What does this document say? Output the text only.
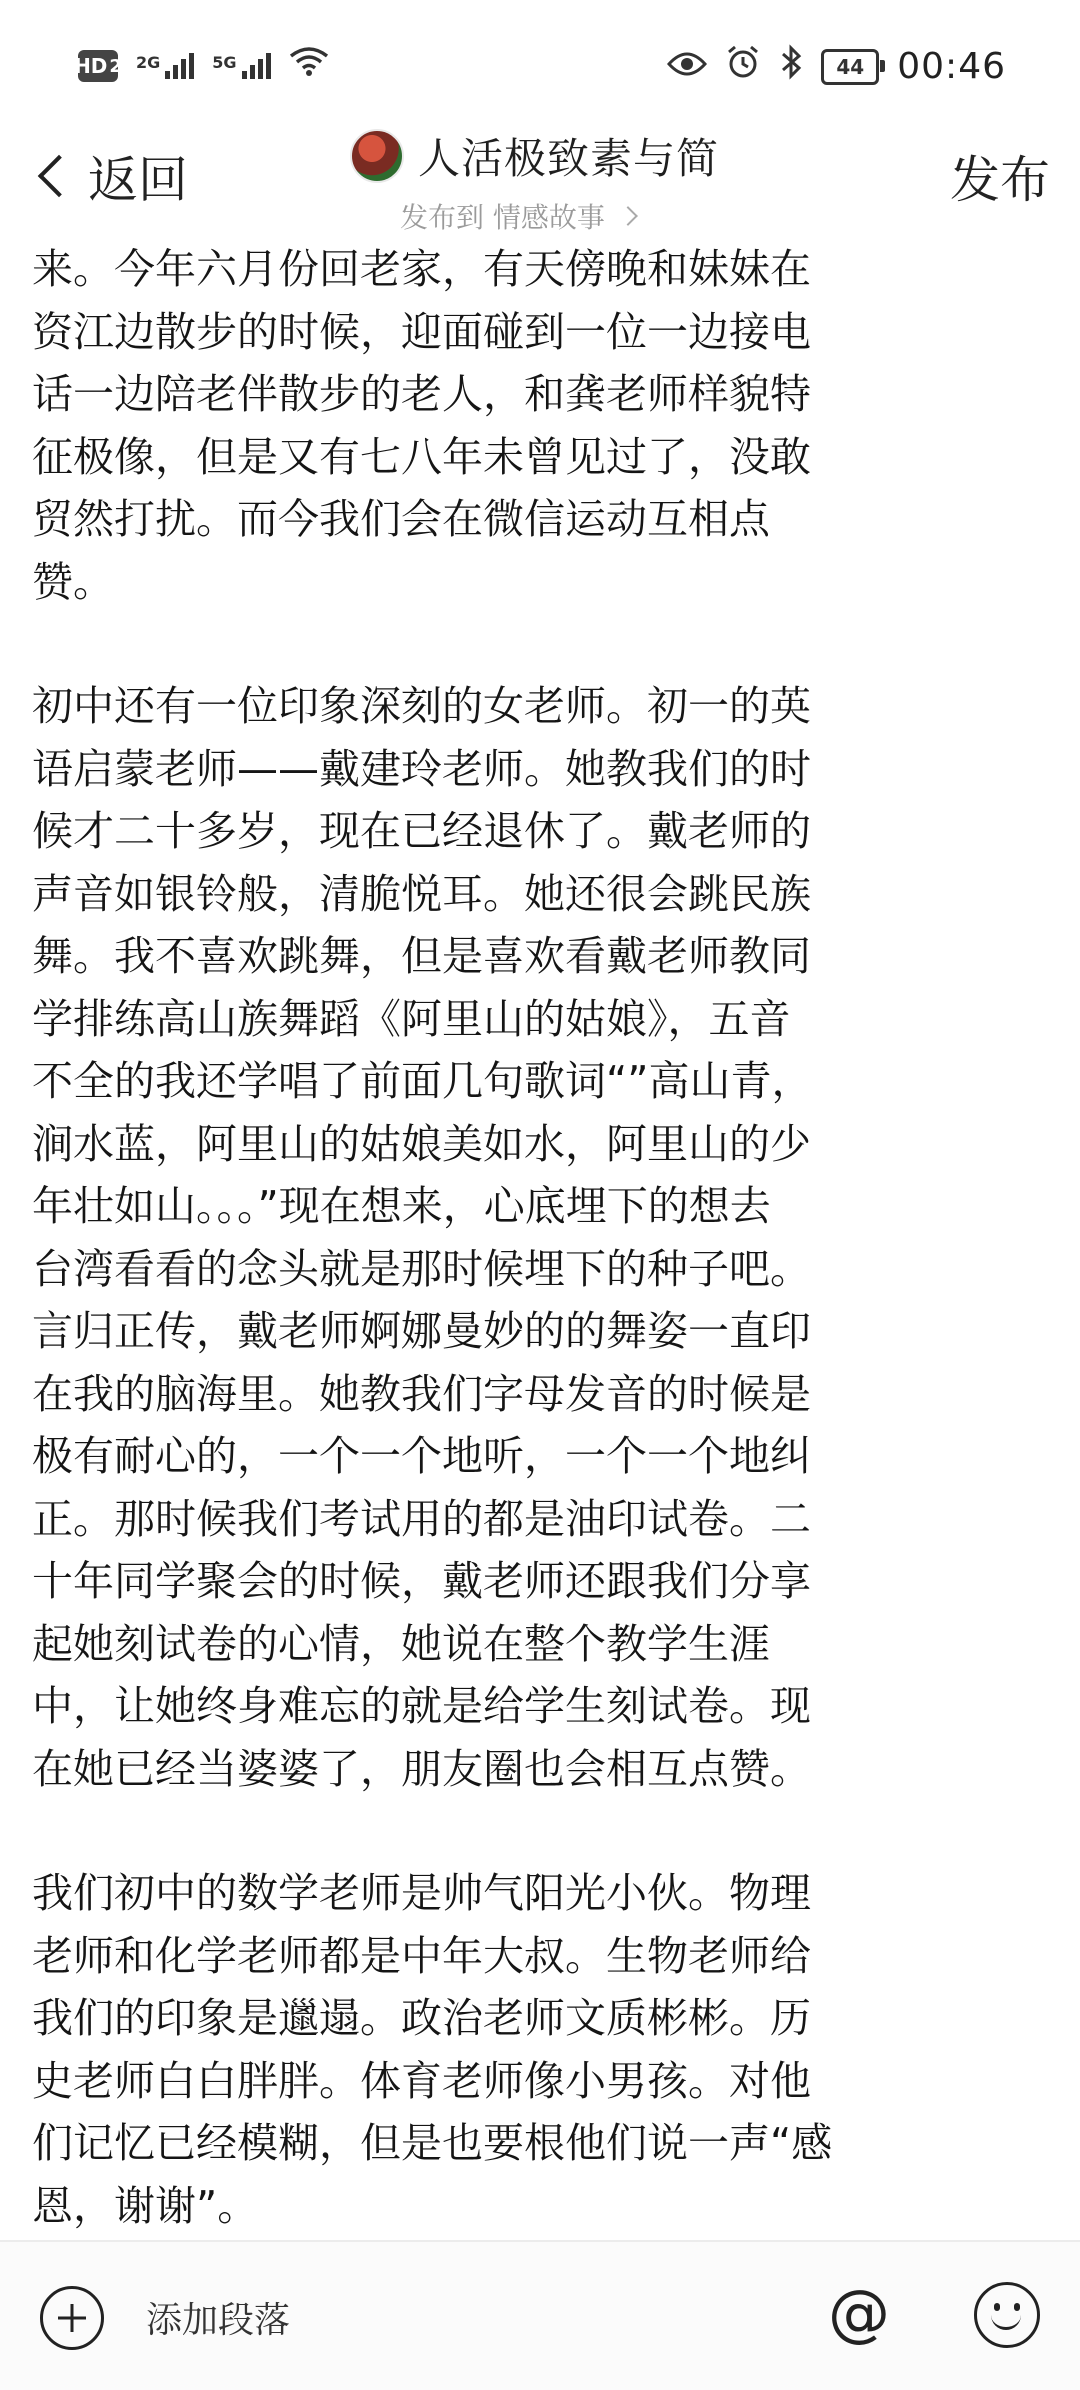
HD 2 2G	5G	44 00:46
返回	人活极致素与简
发布到 情感故事
发布

来。今年六月份回老家，有天傍晚和妹妹在
资江边散步的时候，迎面碰到一位一边接电
话一边陪老伴散步的老人，和龚老师样貌特
征极像，但是又有七八年未曾见过了，没敢
贸然打扰。而今我们会在微信运动互相点
赞。

初中还有一位印象深刻的女老师。初一的英
语启蒙老师——戴建玲老师。她教我们的时
候才二十多岁，现在已经退休了。戴老师的
声音如银铃般，清脆悦耳。她还很会跳民族
舞。我不喜欢跳舞，但是喜欢看戴老师教同
学排练高山族舞蹈《阿里山的姑娘》，五音
不全的我还学唱了前面几句歌词“”高山青，
涧水蓝，阿里山的姑娘美如水，阿里山的少
年壮如山。。。”现在想来，心底埋下的想去
台湾看看的念头就是那时候埋下的种子吧。
言归正传，戴老师婀娜曼妙的的舞姿一直印
在我的脑海里。她教我们字母发音的时候是
极有耐心的，一个一个地听，一个一个地纠
正。那时候我们考试用的都是油印试卷。二
十年同学聚会的时候，戴老师还跟我们分享
起她刻试卷的心情，她说在整个教学生涯
中，让她终身难忘的就是给学生刻试卷。现
在她已经当婆婆了，朋友圈也会相互点赞。

我们初中的数学老师是帅气阳光小伙。物理
老师和化学老师都是中年大叔。生物老师给
我们的印象是邋遢。政治老师文质彬彬。历
史老师白白胖胖。体育老师像小男孩。对他
们记忆已经模糊，但是也要根他们说一声“感
恩，谢谢”。

添加段落	@
